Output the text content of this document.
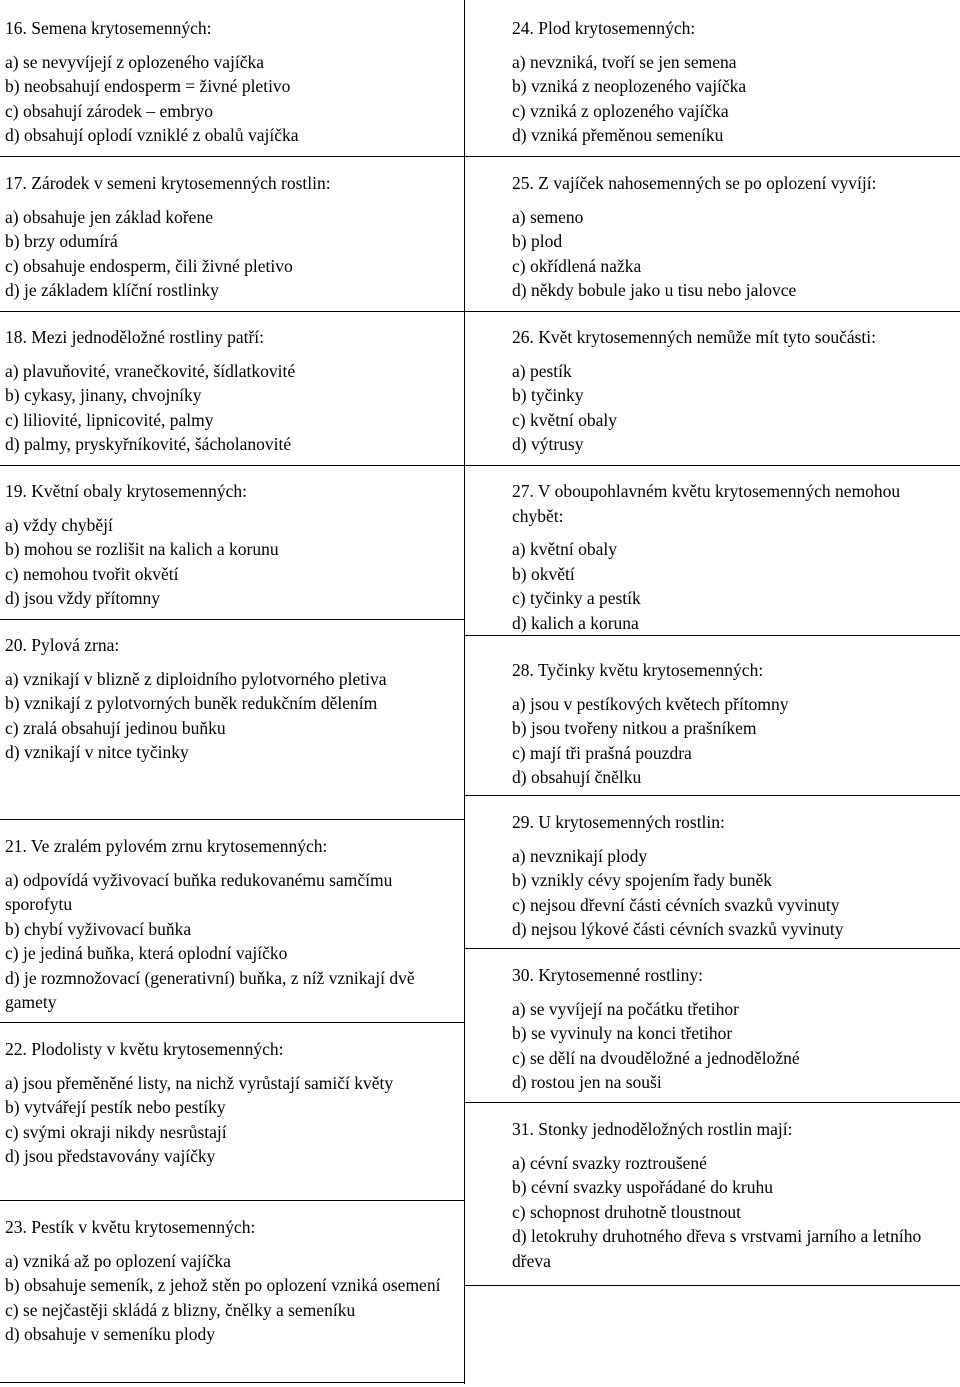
16. Semena krytosemenných:
a) se nevyvíjejí z oplozeného vajíčka
b) neobsahují endosperm = živné pletivo
c) obsahují zárodek – embryo
d) obsahují oplodí vzniklé z obalů vajíčka
17. Zárodek v semeni krytosemenných rostlin:
a) obsahuje jen základ kořene
b) brzy odumírá
c) obsahuje endosperm, čili živné pletivo
d) je základem klíční rostlinky
18. Mezi jednoděložné rostliny patří:
a) plavuňovité, vranečkovité, šídlatkovité
b) cykasy, jinany, chvojníky
c) liliovité, lipnicovité, palmy
d) palmy, pryskyřníkovité, šácholanovité
19. Květní obaly krytosemenných:
a) vždy chybějí
b) mohou se rozlišit na kalich a korunu
c) nemohou tvořit okvětí
d) jsou vždy přítomny
20. Pylová zrna:
a) vznikají v blizně z diploidního pylotvorného pletiva
b) vznikají z pylotvorných buněk redukčním dělením
c) zralá obsahují jedinou buňku
d) vznikají v nitce tyčinky
21. Ve zralém pylovém zrnu krytosemenných:
a) odpovídá vyživovací buňka redukovanému samčímu sporofytu
b) chybí vyživovací buňka
c) je jediná buňka, která oplodní vajíčko
d) je rozmnožovací (generativní) buňka, z níž vznikají dvě gamety
22. Plodolisty v květu krytosemenných:
a) jsou přeměněné listy, na nichž vyrůstají samičí květy
b) vytvářejí pestík nebo pestíky
c) svými okraji nikdy nesrůstají
d) jsou představovány vajíčky
23. Pestík v květu krytosemenných:
a) vzniká až po oplození vajíčka
b) obsahuje semeník, z jehož stěn po oplození vzniká osemení
c) se nejčastěji skládá z blizny, čnělky a semeníku
d) obsahuje v semeníku plody
24. Plod krytosemenných:
a) nevzniká, tvoří se jen semena
b) vzniká z neoplozeného vajíčka
c) vzniká z oplozeného vajíčka
d) vzniká přeměnou semeníku
25. Z vajíček nahosemenných se po oplození vyvíjí:
a) semeno
b) plod
c) okřídlená nažka
d) někdy bobule jako u tisu nebo jalovce
26. Květ krytosemenných nemůže mít tyto součásti:
a) pestík
b) tyčinky
c) květní obaly
d) výtrusy
27. V oboupohlavném květu krytosemenných nemohou chybět:
a) květní obaly
b) okvětí
c) tyčinky a pestík
d) kalich a koruna
28. Tyčinky květu krytosemenných:
a) jsou v pestíkových květech přítomny
b) jsou tvořeny nitkou a prašníkem
c) mají tři prašná pouzdra
d) obsahují čnělku
29. U krytosemenných rostlin:
a) nevznikají plody
b) vznikly cévy spojením řady buněk
c) nejsou dřevní části cévních svazků vyvinuty
d) nejsou lýkové části cévních svazků vyvinuty
30. Krytosemenné rostliny:
a) se vyvíjejí na počátku třetihor
b) se vyvinuly na konci třetihor
c) se dělí na dvouděložné a jednoděložné
d) rostou jen na souši
31. Stonky jednoděložných rostlin mají:
a) cévní svazky roztroušené
b) cévní svazky uspořádané do kruhu
c) schopnost druhotně tloustnout
d) letokruhy druhotného dřeva s vrstvami jarního a letního dřeva
